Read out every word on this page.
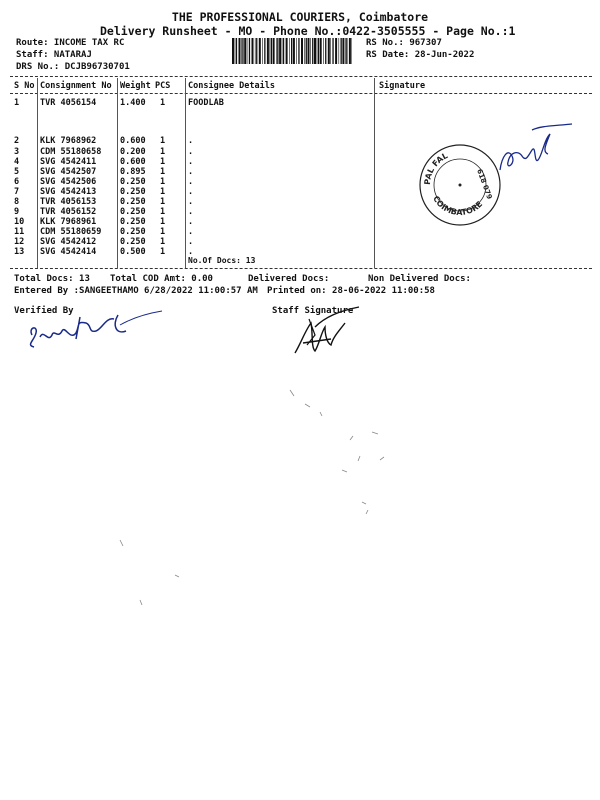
THE PROFESSIONAL COURIERS, Coimbatore
Delivery Runsheet - MO - Phone No.:0422-3505555 - Page No.:1
Route: INCOME TAX RC
Staff: NATARAJ
DRS No.: DCJB96730701
RS No.: 967307
RS Date: 28-Jun-2022
S No Consignment No Weight PCS Consignee Details	Signature
1 TVR 4056154	1.400 1	FOODLAB
2 KLK 7968962	0.600 1	.
3 CDM 55180658 0.200 1	.
4 SVG 4542411	0.600 1	.
5 SVG 4542507	0.895 1	.
6 SVG 4542506	0.250 1	.
7 SVG 4542413	0.250 1	.
8 TVR 4056153	0.250 1	.
9 TVR 4056152	0.250 1	.
10 KLK 7968961	0.250 1	.
11 CDM 55180659 0.250 1	.
12 SVG 4542412	0.250 1	.
13 SVG 4542414	0.500 1	.
No.Of Docs: 13
Total Docs: 13 Total COD Amt: 0.00	Delivered Docs:	Non Delivered Docs:
Entered By :SANGEETHAMO 6/28/2022 11:00:57 AM Printed on: 28-06-2022 11:00:58
Verified By	Staff Signature
PAL FAL
COIMBATORE
618 079
